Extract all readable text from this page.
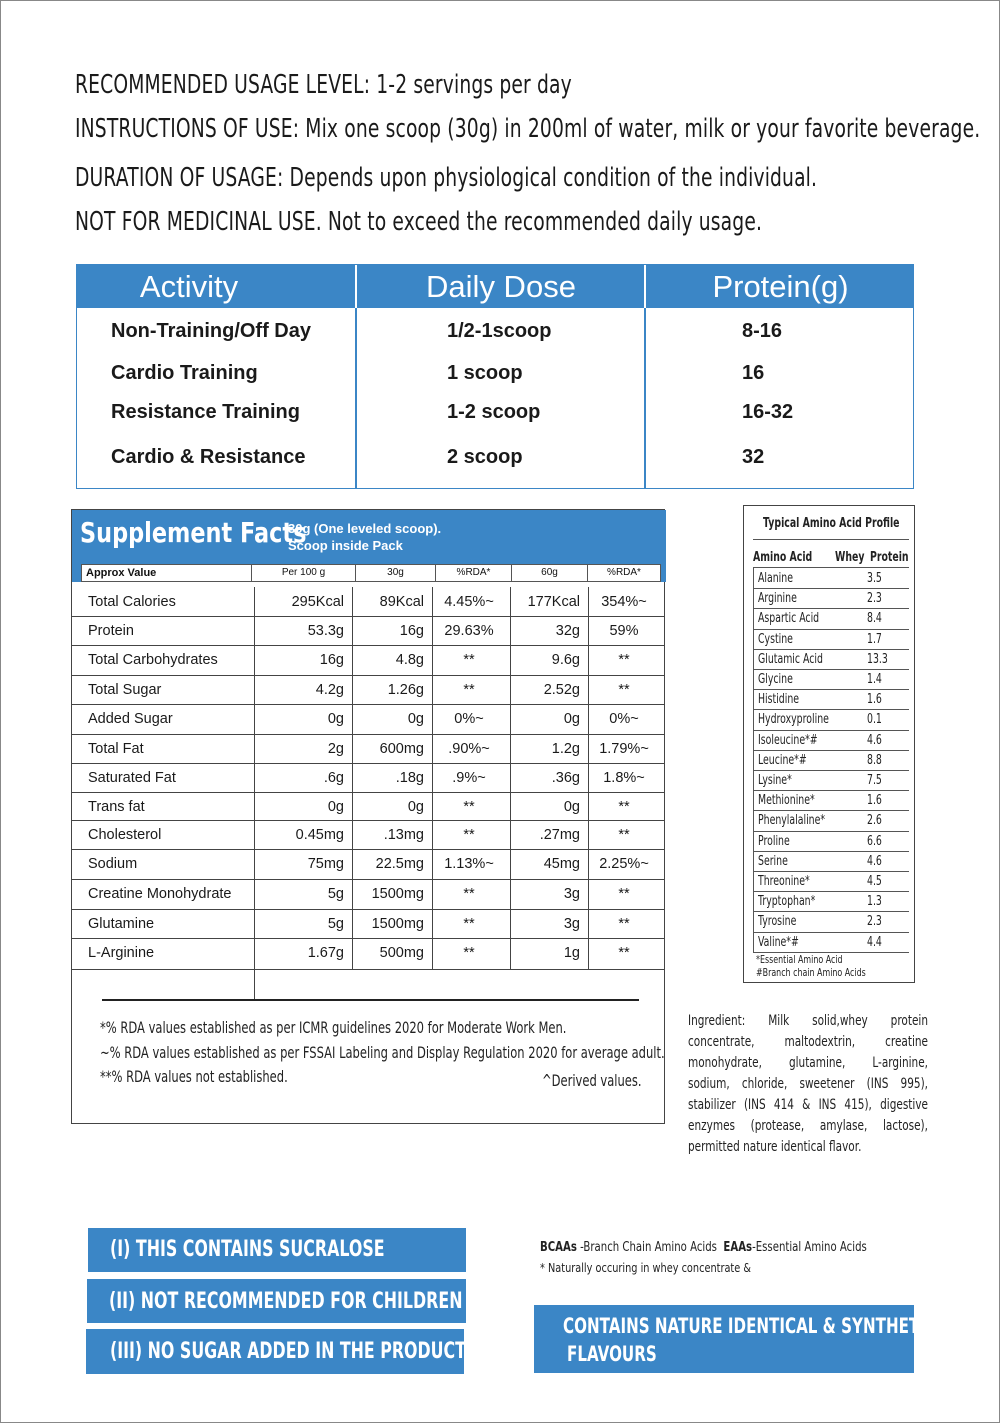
RECOMMENDED USAGE LEVEL: 1-2 servings per day
INSTRUCTIONS OF USE: Mix one scoop (30g) in 200ml of water, milk or your favorite beverage.
DURATION OF USAGE: Depends upon physiological condition of the individual.
NOT FOR MEDICINAL USE. Not to exceed the recommended daily usage.
Activity	Daily Dose	Protein(g)
Non-Training/Off Day	1/2-1scoop	8-16
Cardio Training	1 scoop	16
Resistance Training	1-2 scoop	16-32
Cardio & Resistance	2 scoop	32
Supplement Facts
30g (One leveled scoop).
Scoop inside Pack
Approx Value	Per 100 g	30g	%RDA*	60g	%RDA*
Total Calories	295Kcal	89Kcal	4.45%~	177Kcal	354%~
Protein	53.3g	16g	29.63%	32g	59%
Total Carbohydrates	16g	4.8g	**	9.6g	**
Total Sugar	4.2g	1.26g	**	2.52g	**
Added Sugar	0g	0g	0%~	0g	0%~
Total Fat	2g	600mg	.90%~	1.2g	1.79%~
Saturated Fat	.6g	.18g	.9%~	.36g	1.8%~
Trans fat	0g	0g	**	0g	**
Cholesterol	0.45mg	.13mg	**	.27mg	**
Sodium	75mg	22.5mg	1.13%~	45mg	2.25%~
Creatine Monohydrate	5g	1500mg	**	3g	**
Glutamine	5g	1500mg	**	3g	**
L-Arginine	1.67g	500mg	**	1g	**
*% RDA values established as per ICMR guidelines 2020 for Moderate Work Men.
~% RDA values established as per FSSAI Labeling and Display Regulation 2020 for average adult.
**% RDA values not established.	^Derived values.
Typical Amino Acid Profile
Amino Acid Whey Protein
Alanine	3.5
Arginine	2.3
Aspartic Acid	8.4
Cystine	1.7
Glutamic Acid	13.3
Glycine	1.4
Histidine	1.6
Hydroxyproline	0.1
Isoleucine*#	4.6
Leucine*#	8.8
Lysine*	7.5
Methionine*	1.6
Phenylalaline*	2.6
Proline	6.6
Serine	4.6
Threonine*	4.5
Tryptophan*	1.3
Tyrosine	2.3
Valine*#	4.4
*Essential Amino Acid
#Branch chain Amino Acids
Ingredient: Milk solid,whey protein
concentrate, maltodextrin, creatine
monohydrate, glutamine, L-arginine,
sodium, chloride, sweetener (INS 995),
stabilizer (INS 414 & INS 415), digestive
enzymes (protease, amylase, lactose),
permitted nature identical flavor.
(I) THIS CONTAINS SUCRALOSE
(II) NOT RECOMMENDED FOR CHILDREN
(III) NO SUGAR ADDED IN THE PRODUCT
BCAAs -Branch Chain Amino Acids EAAs-Essential Amino Acids
* Naturally occuring in whey concentrate &
CONTAINS NATURE IDENTICAL & SYNTHETIC
FLAVOURS
